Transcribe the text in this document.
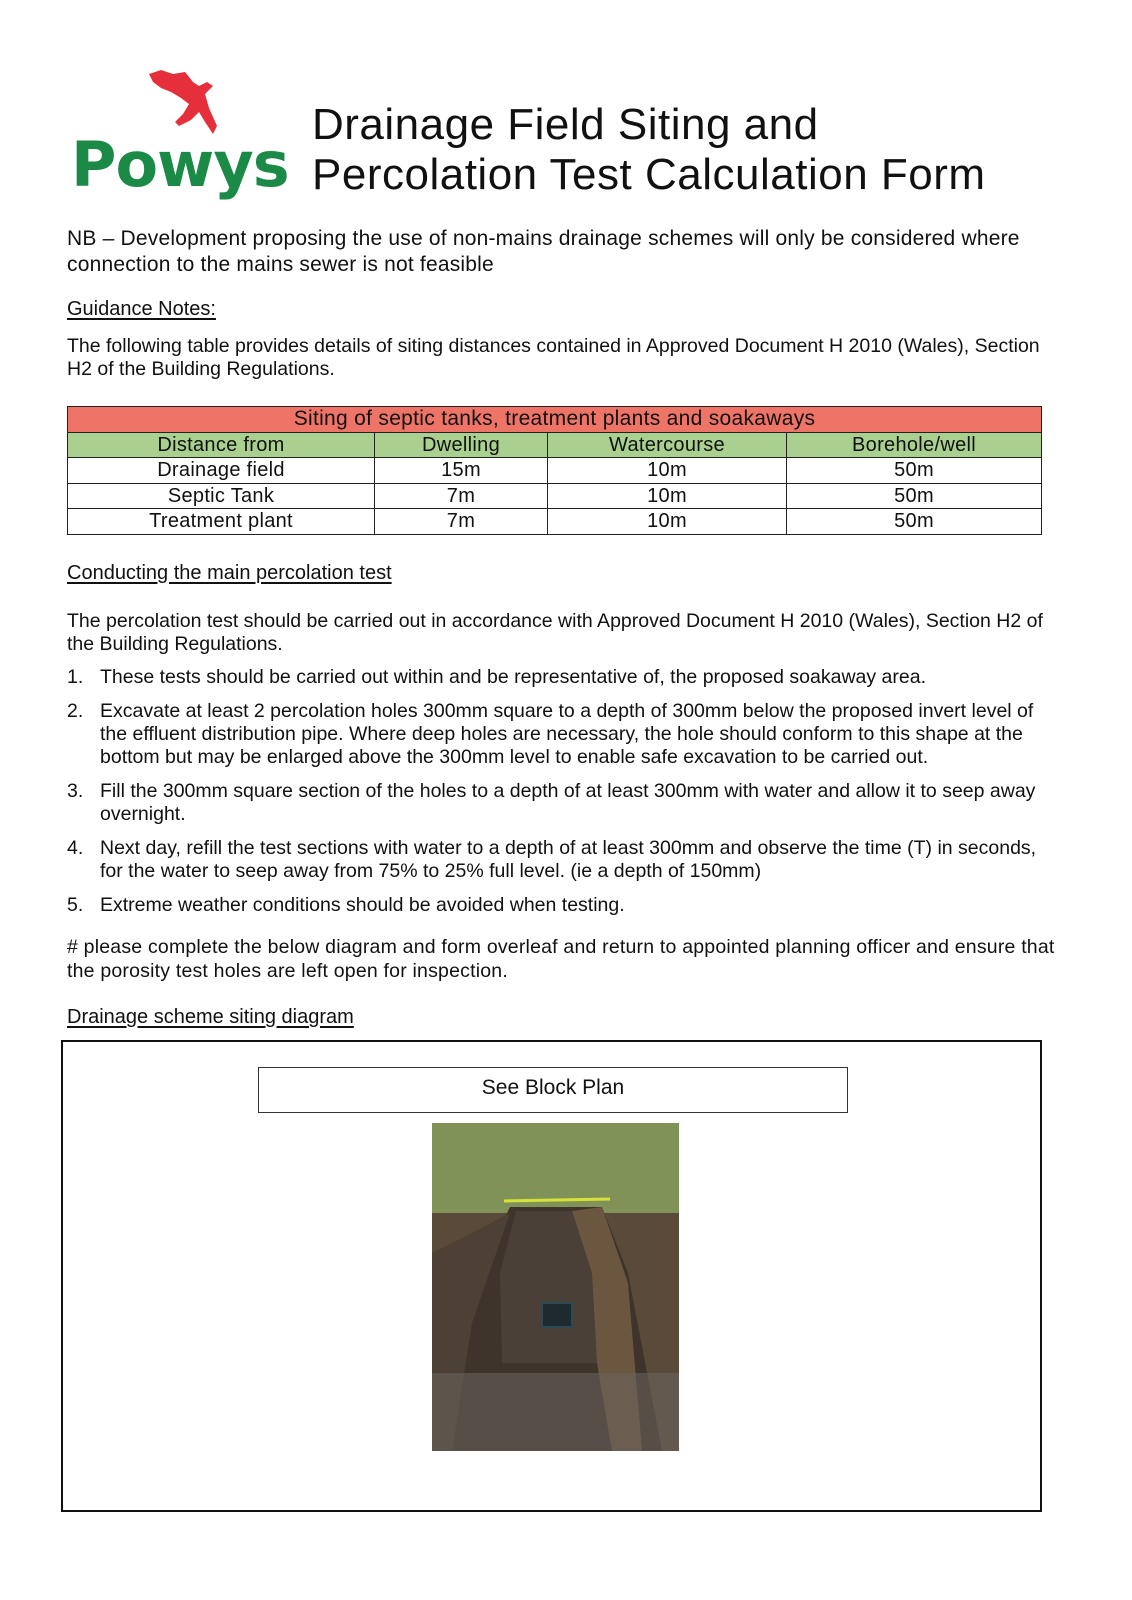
Powys
Drainage Field Siting and
Percolation Test Calculation Form
NB – Development proposing the use of non-mains drainage schemes will only be considered where connection to the mains sewer is not feasible
Guidance Notes:
The following table provides details of siting distances contained in Approved Document H 2010 (Wales), Section H2 of the Building Regulations.
Siting of septic tanks, treatment plants and soakaways			
Distance from	Dwelling	Watercourse	Borehole/well
Drainage field	15m	10m	50m
Septic Tank	7m	10m	50m
Treatment plant	7m	10m	50m
Conducting the main percolation test
The percolation test should be carried out in accordance with Approved Document H 2010 (Wales), Section H2 of the Building Regulations.
1. These tests should be carried out within and be representative of, the proposed soakaway area.
2. Excavate at least 2 percolation holes 300mm square to a depth of 300mm below the proposed invert level of the effluent distribution pipe. Where deep holes are necessary, the hole should conform to this shape at the bottom but may be enlarged above the 300mm level to enable safe excavation to be carried out.
3. Fill the 300mm square section of the holes to a depth of at least 300mm with water and allow it to seep away overnight.
4. Next day, refill the test sections with water to a depth of at least 300mm and observe the time (T) in seconds, for the water to seep away from 75% to 25% full level. (ie a depth of 150mm)
5. Extreme weather conditions should be avoided when testing.
# please complete the below diagram and form overleaf and return to appointed planning officer and ensure that the porosity test holes are left open for inspection.
Drainage scheme siting diagram
See Block Plan
